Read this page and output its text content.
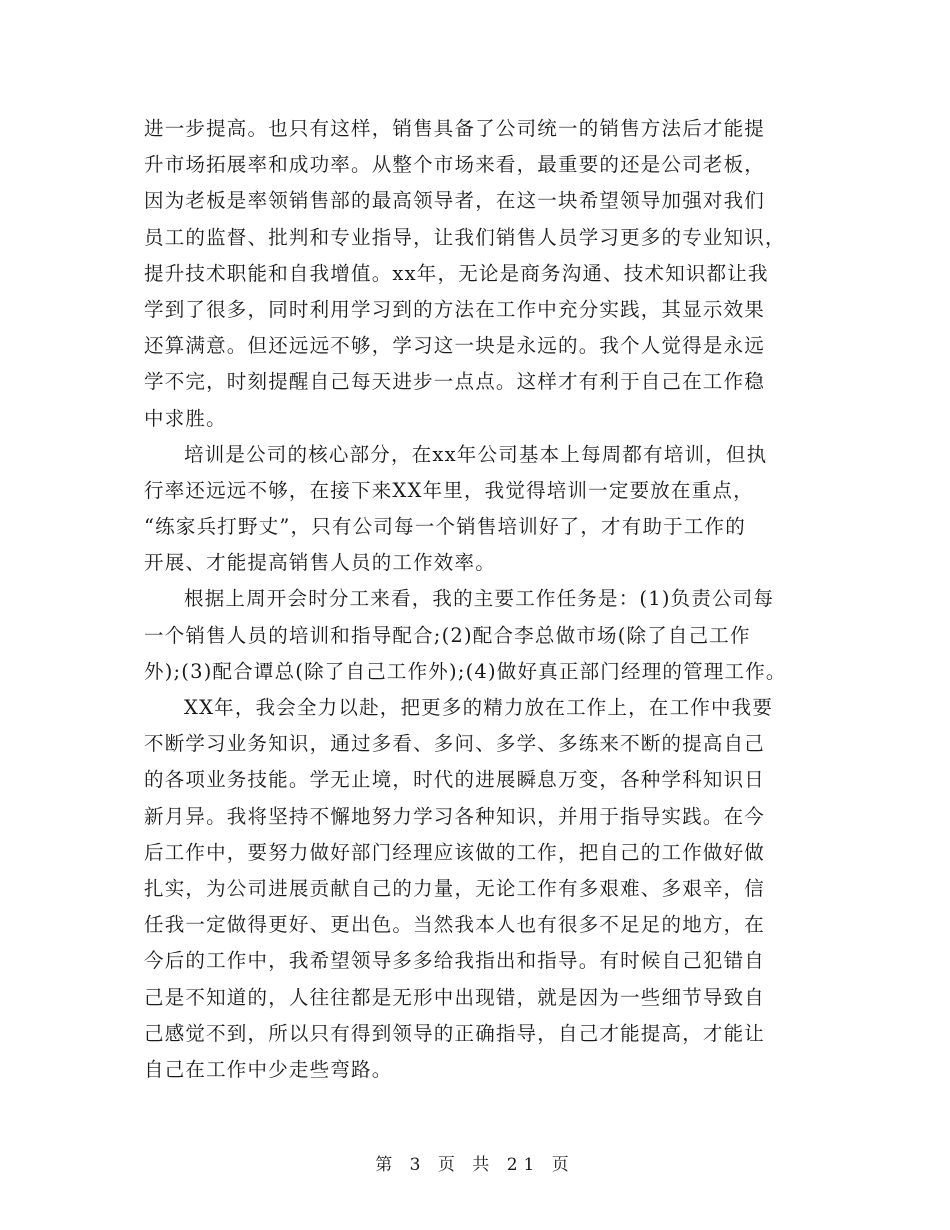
进一步提高。也只有这样，销售具备了公司统一的销售方法后才能提
升市场拓展率和成功率。从整个市场来看，最重要的还是公司老板，
因为老板是率领销售部的最高领导者，在这一块希望领导加强对我们
员工的监督、批判和专业指导，让我们销售人员学习更多的专业知识，
提升技术职能和自我增值。xx年，无论是商务沟通、技术知识都让我
学到了很多，同时利用学习到的方法在工作中充分实践，其显示效果
还算满意。但还远远不够，学习这一块是永远的。我个人觉得是永远
学不完，时刻提醒自己每天进步一点点。这样才有利于自己在工作稳
中求胜。
培训是公司的核心部分，在xx年公司基本上每周都有培训，但执
行率还远远不够，在接下来XX年里，我觉得培训一定要放在重点，
“练家兵打野丈”，只有公司每一个销售培训好了，才有助于工作的
开展、才能提高销售人员的工作效率。
根据上周开会时分工来看，我的主要工作任务是：(1)负责公司每
一个销售人员的培训和指导配合;(2)配合李总做市场(除了自己工作
外);(3)配合谭总(除了自己工作外);(4)做好真正部门经理的管理工作。
XX年，我会全力以赴，把更多的精力放在工作上，在工作中我要
不断学习业务知识，通过多看、多问、多学、多练来不断的提高自己
的各项业务技能。学无止境，时代的进展瞬息万变，各种学科知识日
新月异。我将坚持不懈地努力学习各种知识，并用于指导实践。在今
后工作中，要努力做好部门经理应该做的工作，把自己的工作做好做
扎实，为公司进展贡献自己的力量，无论工作有多艰难、多艰辛，信
任我一定做得更好、更出色。当然我本人也有很多不足足的地方，在
今后的工作中，我希望领导多多给我指出和指导。有时候自己犯错自
己是不知道的，人往往都是无形中出现错，就是因为一些细节导致自
己感觉不到，所以只有得到领导的正确指导，自己才能提高，才能让
自己在工作中少走些弯路。
第 3 页 共 21 页
